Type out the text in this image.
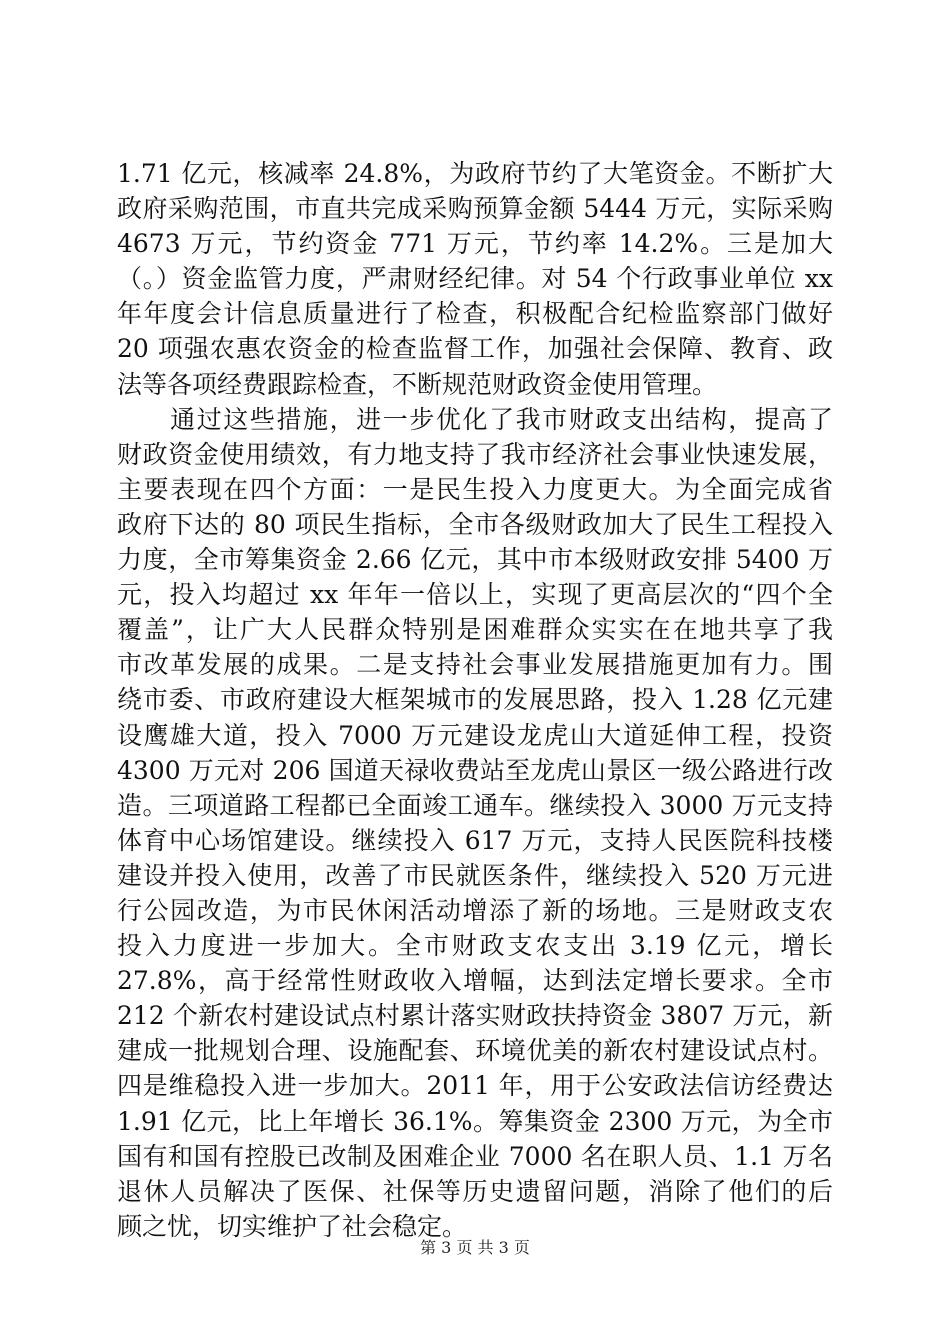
1.71 亿元，核减率 24.8%，为政府节约了大笔资金。不断扩大
政府采购范围，市直共完成采购预算金额 5444 万元，实际采购
4673 万元，节约资金 771 万元，节约率 14.2%。三是加大
（。）资金监管力度，严肃财经纪律。对 54 个行政事业单位 xx
年年度会计信息质量进行了检查，积极配合纪检监察部门做好
20 项强农惠农资金的检查监督工作，加强社会保障、教育、政
法等各项经费跟踪检查，不断规范财政资金使用管理。
　　通过这些措施，进一步优化了我市财政支出结构，提高了
财政资金使用绩效，有力地支持了我市经济社会事业快速发展，
主要表现在四个方面：一是民生投入力度更大。为全面完成省
政府下达的 80 项民生指标，全市各级财政加大了民生工程投入
力度，全市筹集资金 2.66 亿元，其中市本级财政安排 5400 万
元，投入均超过 xx 年年一倍以上，实现了更高层次的“四个全
覆盖”，让广大人民群众特别是困难群众实实在在地共享了我
市改革发展的成果。二是支持社会事业发展措施更加有力。围
绕市委、市政府建设大框架城市的发展思路，投入 1.28 亿元建
设鹰雄大道，投入 7000 万元建设龙虎山大道延伸工程，投资
4300 万元对 206 国道天禄收费站至龙虎山景区一级公路进行改
造。三项道路工程都已全面竣工通车。继续投入 3000 万元支持
体育中心场馆建设。继续投入 617 万元，支持人民医院科技楼
建设并投入使用，改善了市民就医条件，继续投入 520 万元进
行公园改造，为市民休闲活动增添了新的场地。三是财政支农
投入力度进一步加大。全市财政支农支出 3.19 亿元，增长
27.8%，高于经常性财政收入增幅，达到法定增长要求。全市
212 个新农村建设试点村累计落实财政扶持资金 3807 万元，新
建成一批规划合理、设施配套、环境优美的新农村建设试点村。
四是维稳投入进一步加大。2011 年，用于公安政法信访经费达
1.91 亿元，比上年增长 36.1%。筹集资金 2300 万元，为全市
国有和国有控股已改制及困难企业 7000 名在职人员、1.1 万名
退休人员解决了医保、社保等历史遗留问题，消除了他们的后
顾之忧，切实维护了社会稳定。
第 3 页 共 3 页
